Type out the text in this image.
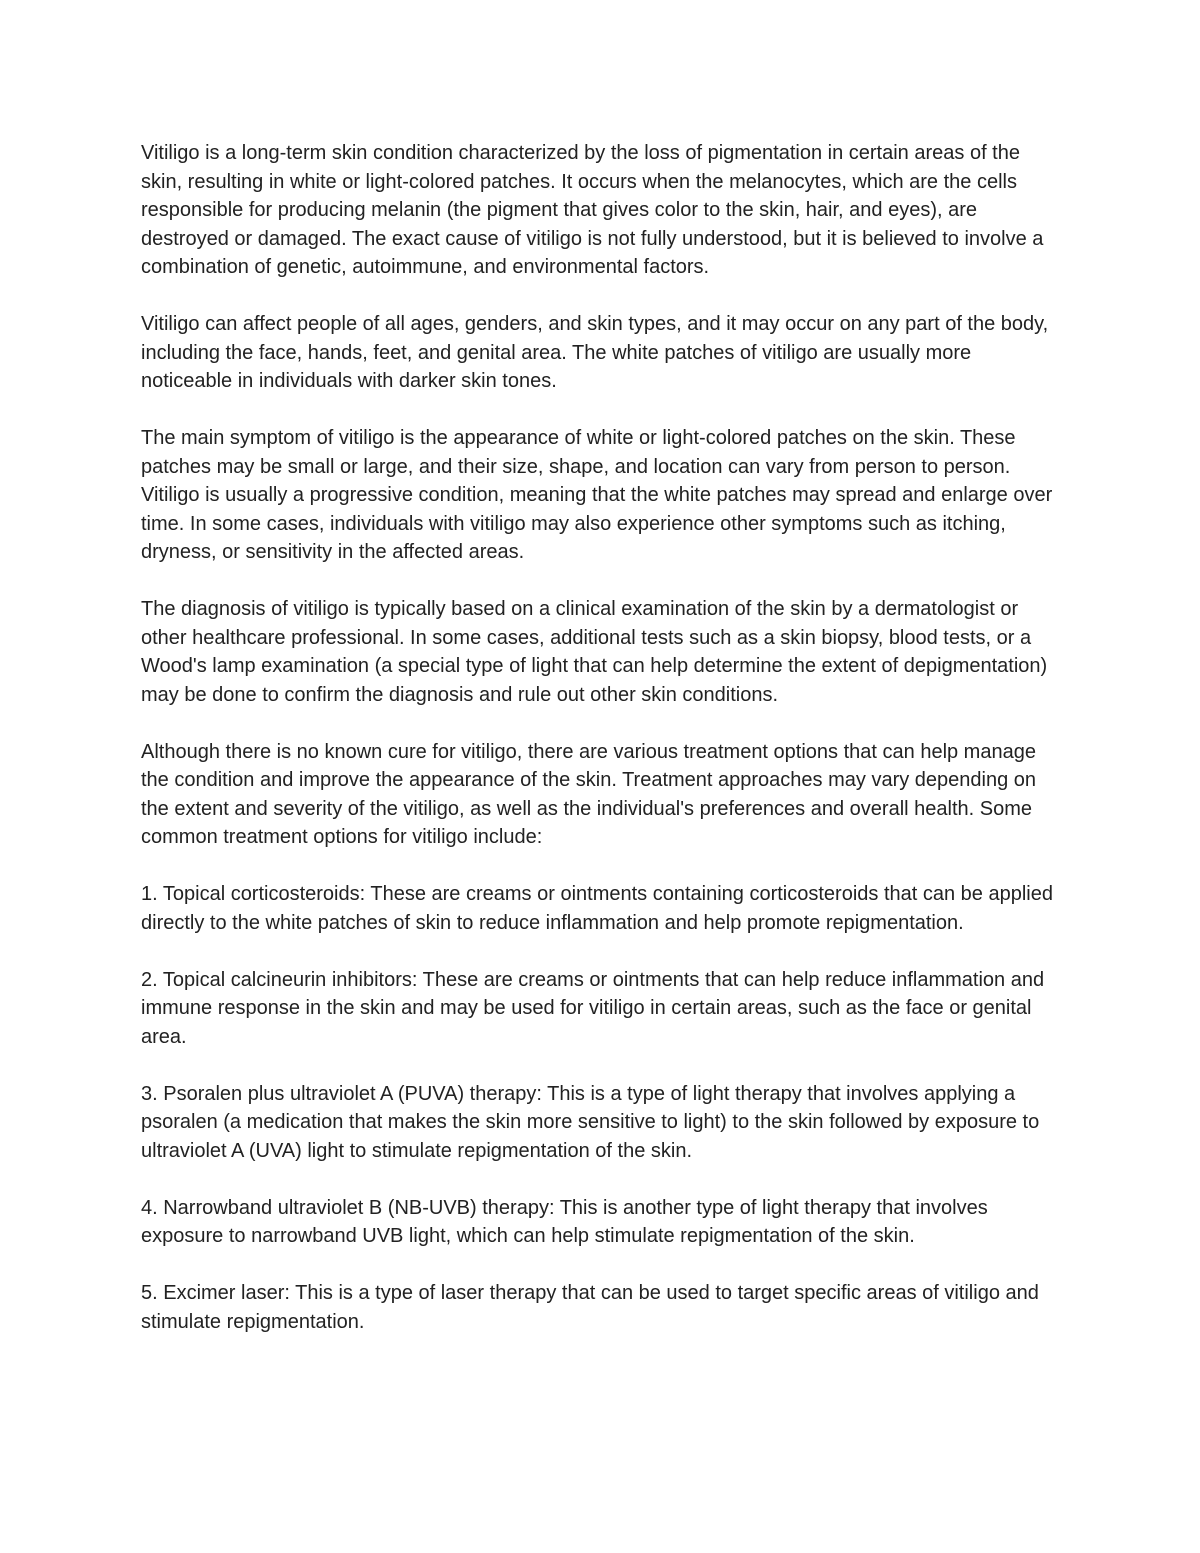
Vitiligo is a long-term skin condition characterized by the loss of pigmentation in certain areas of the skin, resulting in white or light-colored patches. It occurs when the melanocytes, which are the cells responsible for producing melanin (the pigment that gives color to the skin, hair, and eyes), are destroyed or damaged. The exact cause of vitiligo is not fully understood, but it is believed to involve a combination of genetic, autoimmune, and environmental factors.

Vitiligo can affect people of all ages, genders, and skin types, and it may occur on any part of the body, including the face, hands, feet, and genital area. The white patches of vitiligo are usually more noticeable in individuals with darker skin tones.

The main symptom of vitiligo is the appearance of white or light-colored patches on the skin. These patches may be small or large, and their size, shape, and location can vary from person to person. Vitiligo is usually a progressive condition, meaning that the white patches may spread and enlarge over time. In some cases, individuals with vitiligo may also experience other symptoms such as itching, dryness, or sensitivity in the affected areas.

The diagnosis of vitiligo is typically based on a clinical examination of the skin by a dermatologist or other healthcare professional. In some cases, additional tests such as a skin biopsy, blood tests, or a Wood's lamp examination (a special type of light that can help determine the extent of depigmentation) may be done to confirm the diagnosis and rule out other skin conditions.

Although there is no known cure for vitiligo, there are various treatment options that can help manage the condition and improve the appearance of the skin. Treatment approaches may vary depending on the extent and severity of the vitiligo, as well as the individual's preferences and overall health. Some common treatment options for vitiligo include:

1. Topical corticosteroids: These are creams or ointments containing corticosteroids that can be applied directly to the white patches of skin to reduce inflammation and help promote repigmentation.

2. Topical calcineurin inhibitors: These are creams or ointments that can help reduce inflammation and immune response in the skin and may be used for vitiligo in certain areas, such as the face or genital area.

3. Psoralen plus ultraviolet A (PUVA) therapy: This is a type of light therapy that involves applying a psoralen (a medication that makes the skin more sensitive to light) to the skin followed by exposure to ultraviolet A (UVA) light to stimulate repigmentation of the skin.

4. Narrowband ultraviolet B (NB-UVB) therapy: This is another type of light therapy that involves exposure to narrowband UVB light, which can help stimulate repigmentation of the skin.

5. Excimer laser: This is a type of laser therapy that can be used to target specific areas of vitiligo and stimulate repigmentation.
